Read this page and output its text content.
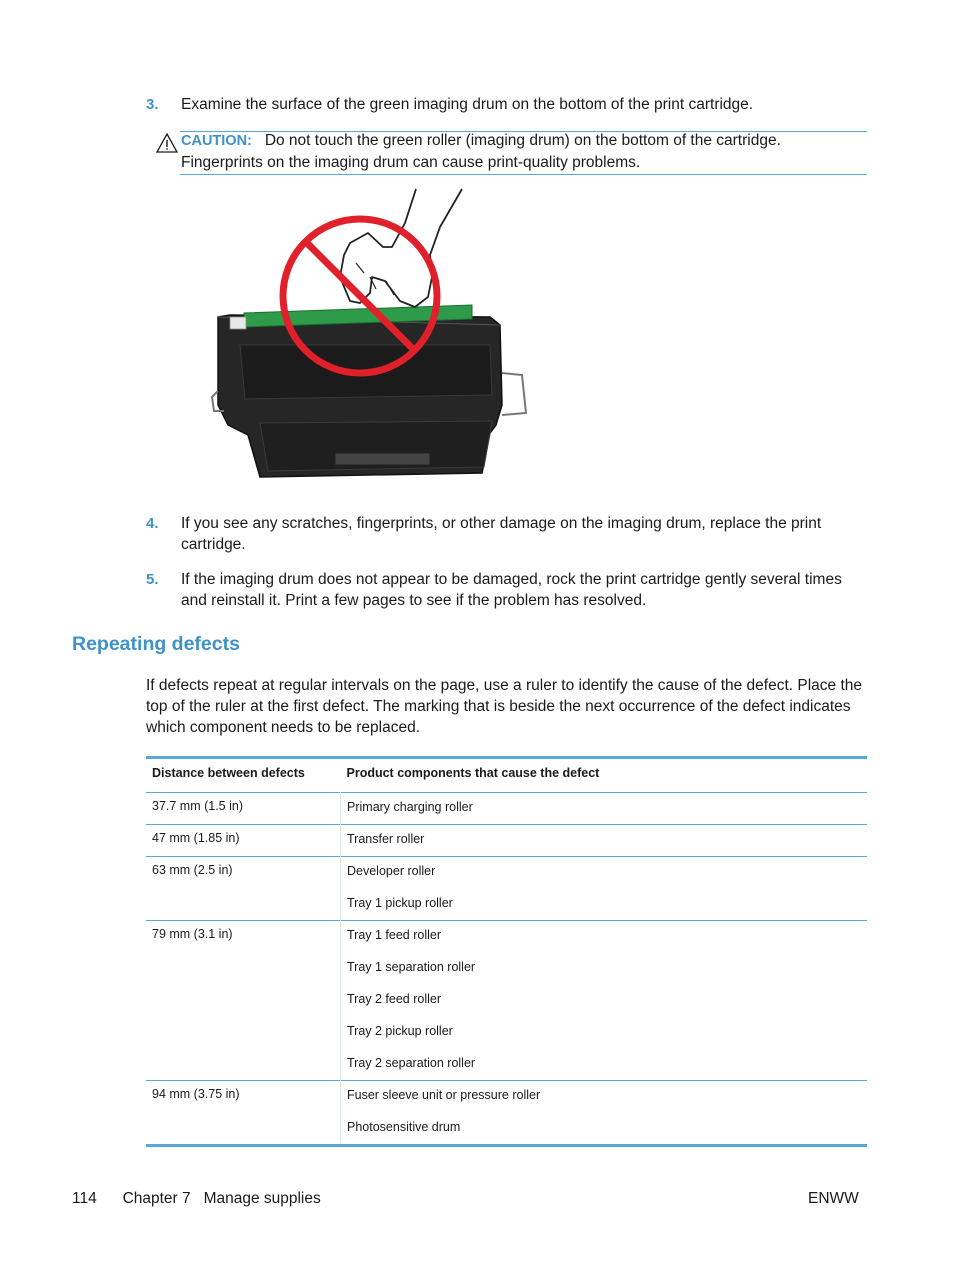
3. Examine the surface of the green imaging drum on the bottom of the print cartridge.
CAUTION: Do not touch the green roller (imaging drum) on the bottom of the cartridge. Fingerprints on the imaging drum can cause print-quality problems.
4. If you see any scratches, fingerprints, or other damage on the imaging drum, replace the print cartridge.
5. If the imaging drum does not appear to be damaged, rock the print cartridge gently several times and reinstall it. Print a few pages to see if the problem has resolved.
Repeating defects
If defects repeat at regular intervals on the page, use a ruler to identify the cause of the defect. Place the top of the ruler at the first defect. The marking that is beside the next occurrence of the defect indicates which component needs to be replaced.
Distance between defects	Product components that cause the defect
37.7 mm (1.5 in)	Primary charging roller

47 mm (1.85 in)	Transfer roller

63 mm (2.5 in)	Developer roller
Tray 1 pickup roller

79 mm (3.1 in)	Tray 1 feed roller
Tray 1 separation roller
Tray 2 feed roller
Tray 2 pickup roller
Tray 2 separation roller

94 mm (3.75 in)	Fuser sleeve unit or pressure roller
Photosensitive drum
114 Chapter 7 Manage supplies	ENWW
